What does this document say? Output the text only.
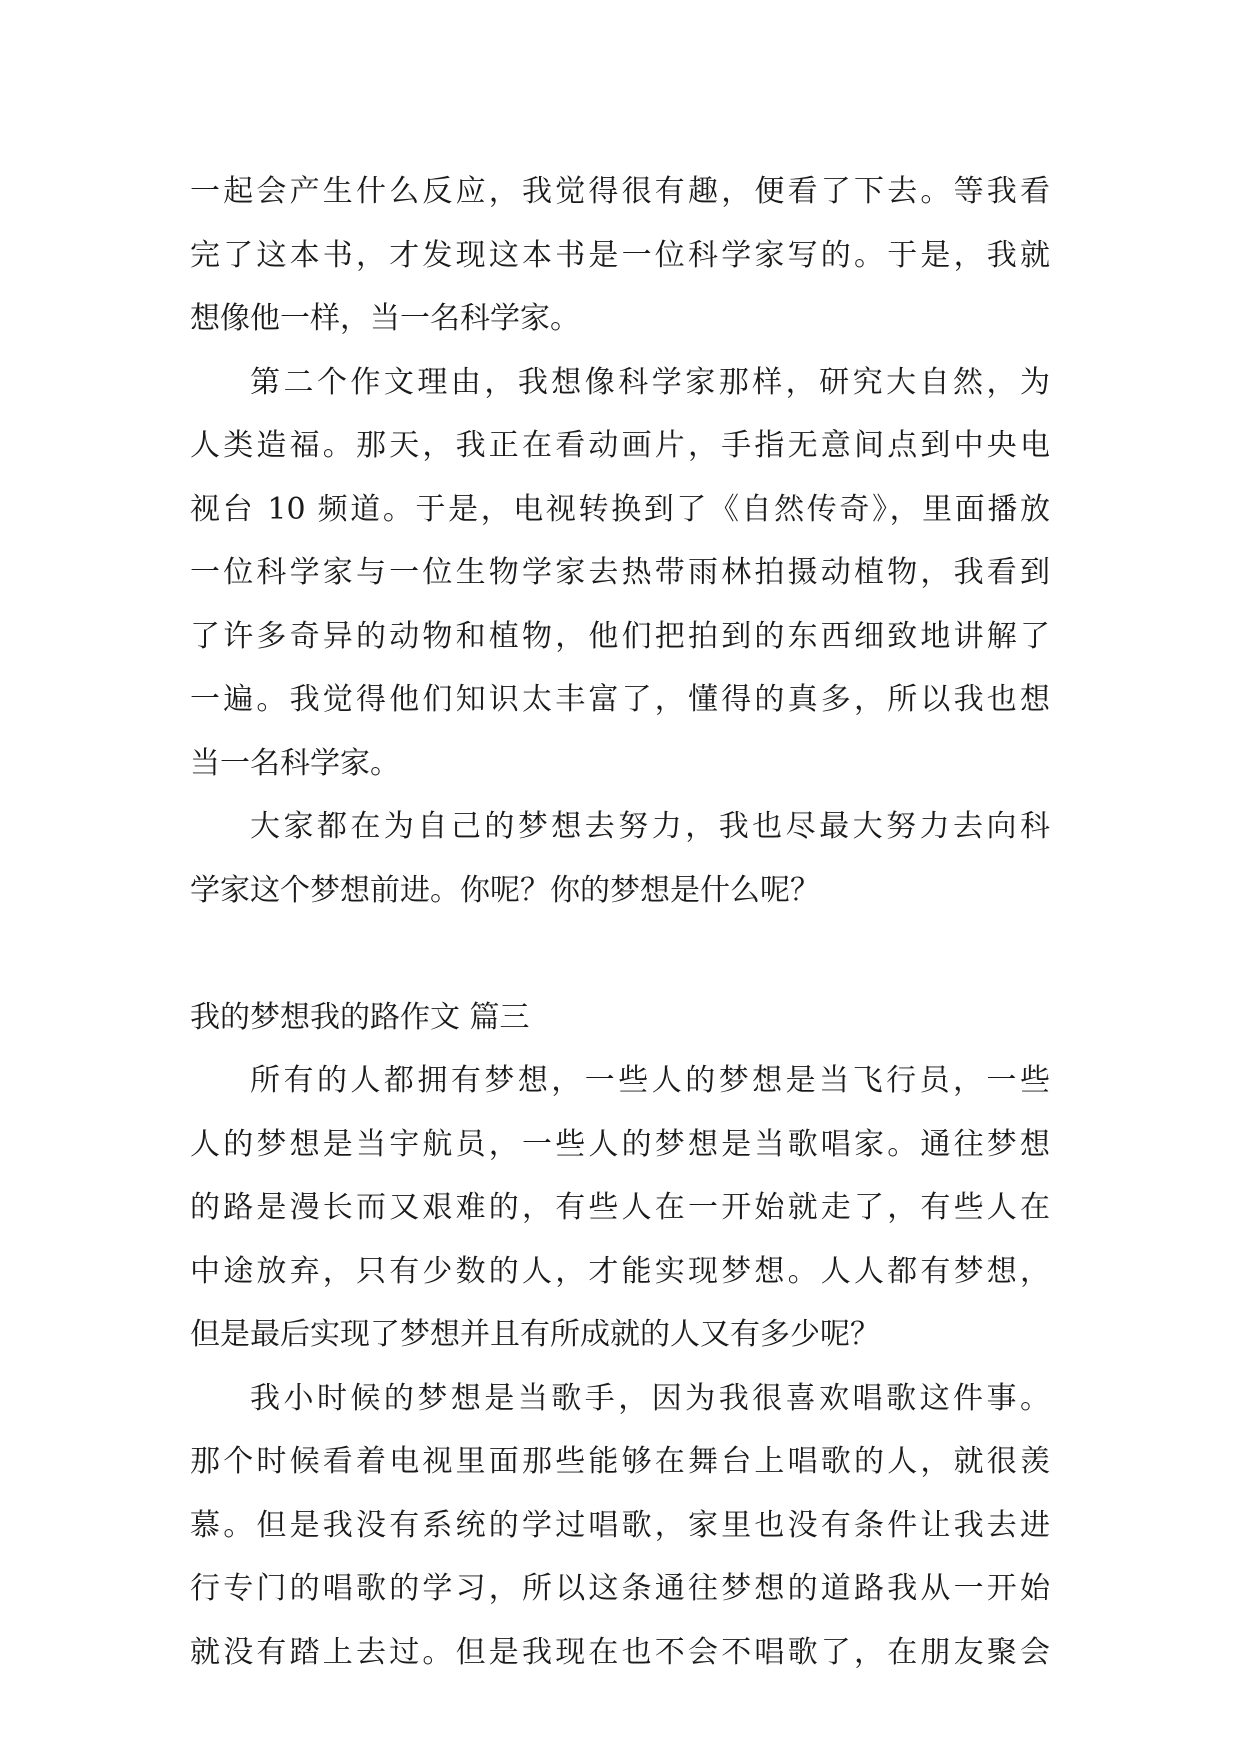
一起会产生什么反应，我觉得很有趣，便看了下去。等我看
完了这本书，才发现这本书是一位科学家写的。于是，我就
想像他一样，当一名科学家。
第二个作文理由，我想像科学家那样，研究大自然，为
人类造福。那天，我正在看动画片，手指无意间点到中央电
视台 10 频道。于是，电视转换到了《自然传奇》，里面播放
一位科学家与一位生物学家去热带雨林拍摄动植物，我看到
了许多奇异的动物和植物，他们把拍到的东西细致地讲解了
一遍。我觉得他们知识太丰富了，懂得的真多，所以我也想
当一名科学家。
大家都在为自己的梦想去努力，我也尽最大努力去向科
学家这个梦想前进。你呢？你的梦想是什么呢？
我的梦想我的路作文 篇三
所有的人都拥有梦想，一些人的梦想是当飞行员，一些
人的梦想是当宇航员，一些人的梦想是当歌唱家。通往梦想
的路是漫长而又艰难的，有些人在一开始就走了，有些人在
中途放弃，只有少数的人，才能实现梦想。人人都有梦想，
但是最后实现了梦想并且有所成就的人又有多少呢？
我小时候的梦想是当歌手，因为我很喜欢唱歌这件事。
那个时候看着电视里面那些能够在舞台上唱歌的人，就很羡
慕。但是我没有系统的学过唱歌，家里也没有条件让我去进
行专门的唱歌的学习，所以这条通往梦想的道路我从一开始
就没有踏上去过。但是我现在也不会不唱歌了，在朋友聚会
